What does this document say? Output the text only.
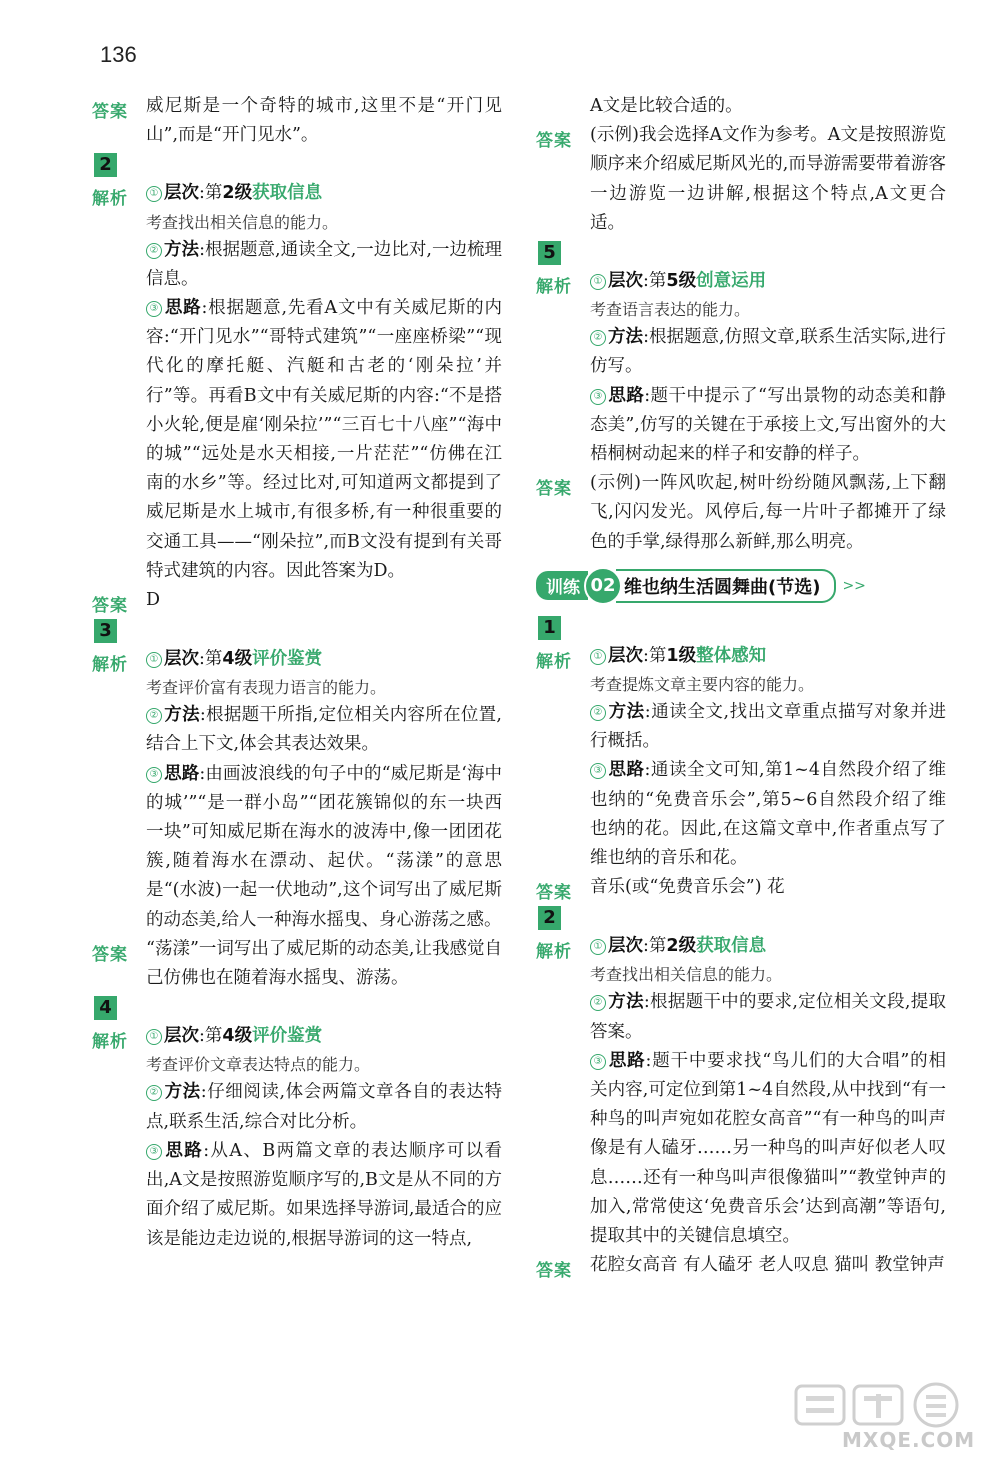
136
答案	威尼斯是一个奇特的城市,这里不是“开门见山”,而是“开门见水”。

2
解析	① 层次:第2级获取信息

考查找出相关信息的能力。

② 方法:根据题意,通读全文,一边比对,一边梳理信息。

③ 思路:根据题意,先看A文中有关威尼斯的内容:“开门见水”“哥特式建筑”“一座座桥梁”“现代化的摩托艇、汽艇和古老的‘刚朵拉’并行”等。再看B文中有关威尼斯的内容:“不是搭小火轮,便是雇‘刚朵拉’”“三百七十八座”“海中的城”“远处是水天相接,一片茫茫”“仿佛在江南的水乡”等。经过比对,可知道两文都提到了威尼斯是水上城市,有很多桥,有一种很重要的交通工具——“刚朵拉”,而B文没有提到有关哥特式建筑的内容。因此答案为D。

答案	D

3
解析	① 层次:第4级评价鉴赏

考查评价富有表现力语言的能力。

② 方法:根据题干所指,定位相关内容所在位置,结合上下文,体会其表达效果。

③ 思路:由画波浪线的句子中的“威尼斯是‘海中的城’”“是一群小岛”“团花簇锦似的东一块西一块”可知威尼斯在海水的波涛中,像一团团花簇,随着海水在漂动、起伏。“荡漾”的意思是“(水波)一起一伏地动”,这个词写出了威尼斯的动态美,给人一种海水摇曳、身心游荡之感。

答案	“荡漾”一词写出了威尼斯的动态美,让我感觉自己仿佛也在随着海水摇曳、游荡。

4
解析	① 层次:第4级评价鉴赏

考查评价文章表达特点的能力。

② 方法:仔细阅读,体会两篇文章各自的表达特点,联系生活,综合对比分析。

③ 思路:从A、B两篇文章的表达顺序可以看出,A文是按照游览顺序写的,B文是从不同的方面介绍了威尼斯。如果选择导游词,最适合的应该是能边走边说的,根据导游词的这一特点,

A文是比较合适的。

答案	(示例)我会选择A文作为参考。A文是按照游览顺序来介绍威尼斯风光的,而导游需要带着游客一边游览一边讲解,根据这个特点,A文更合适。

5
解析	① 层次:第5级创意运用

考查语言表达的能力。

② 方法:根据题意,仿照文章,联系生活实际,进行仿写。

③ 思路:题干中提示了“写出景物的动态美和静态美”,仿写的关键在于承接上文,写出窗外的大梧桐树动起来的样子和安静的样子。

答案	(示例)一阵风吹起,树叶纷纷随风飘荡,上下翻飞,闪闪发光。风停后,每一片叶子都摊开了绿色的手掌,绿得那么新鲜,那么明亮。

训练 02 维也纳生活圆舞曲(节选)	>>
1
解析	① 层次:第1级整体感知

考查提炼文章主要内容的能力。

② 方法:通读全文,找出文章重点描写对象并进行概括。

③ 思路:通读全文可知,第1~4自然段介绍了维也纳的“免费音乐会”,第5~6自然段介绍了维也纳的花。因此,在这篇文章中,作者重点写了维也纳的音乐和花。

答案	音乐(或“免费音乐会”) 花

2
解析	① 层次:第2级获取信息

考查找出相关信息的能力。

② 方法:根据题干中的要求,定位相关文段,提取答案。

③ 思路:题干中要求找“鸟儿们的大合唱”的相关内容,可定位到第1~4自然段,从中找到“有一种鸟的叫声宛如花腔女高音”“有一种鸟的叫声像是有人磕牙……另一种鸟的叫声好似老人叹息……还有一种鸟叫声很像猫叫”“教堂钟声的加入,常常使这‘免费音乐会’达到高潮”等语句,提取其中的关键信息填空。

答案	花腔女高音 有人磕牙 老人叹息 猫叫 教堂钟声

MXQE.COM
